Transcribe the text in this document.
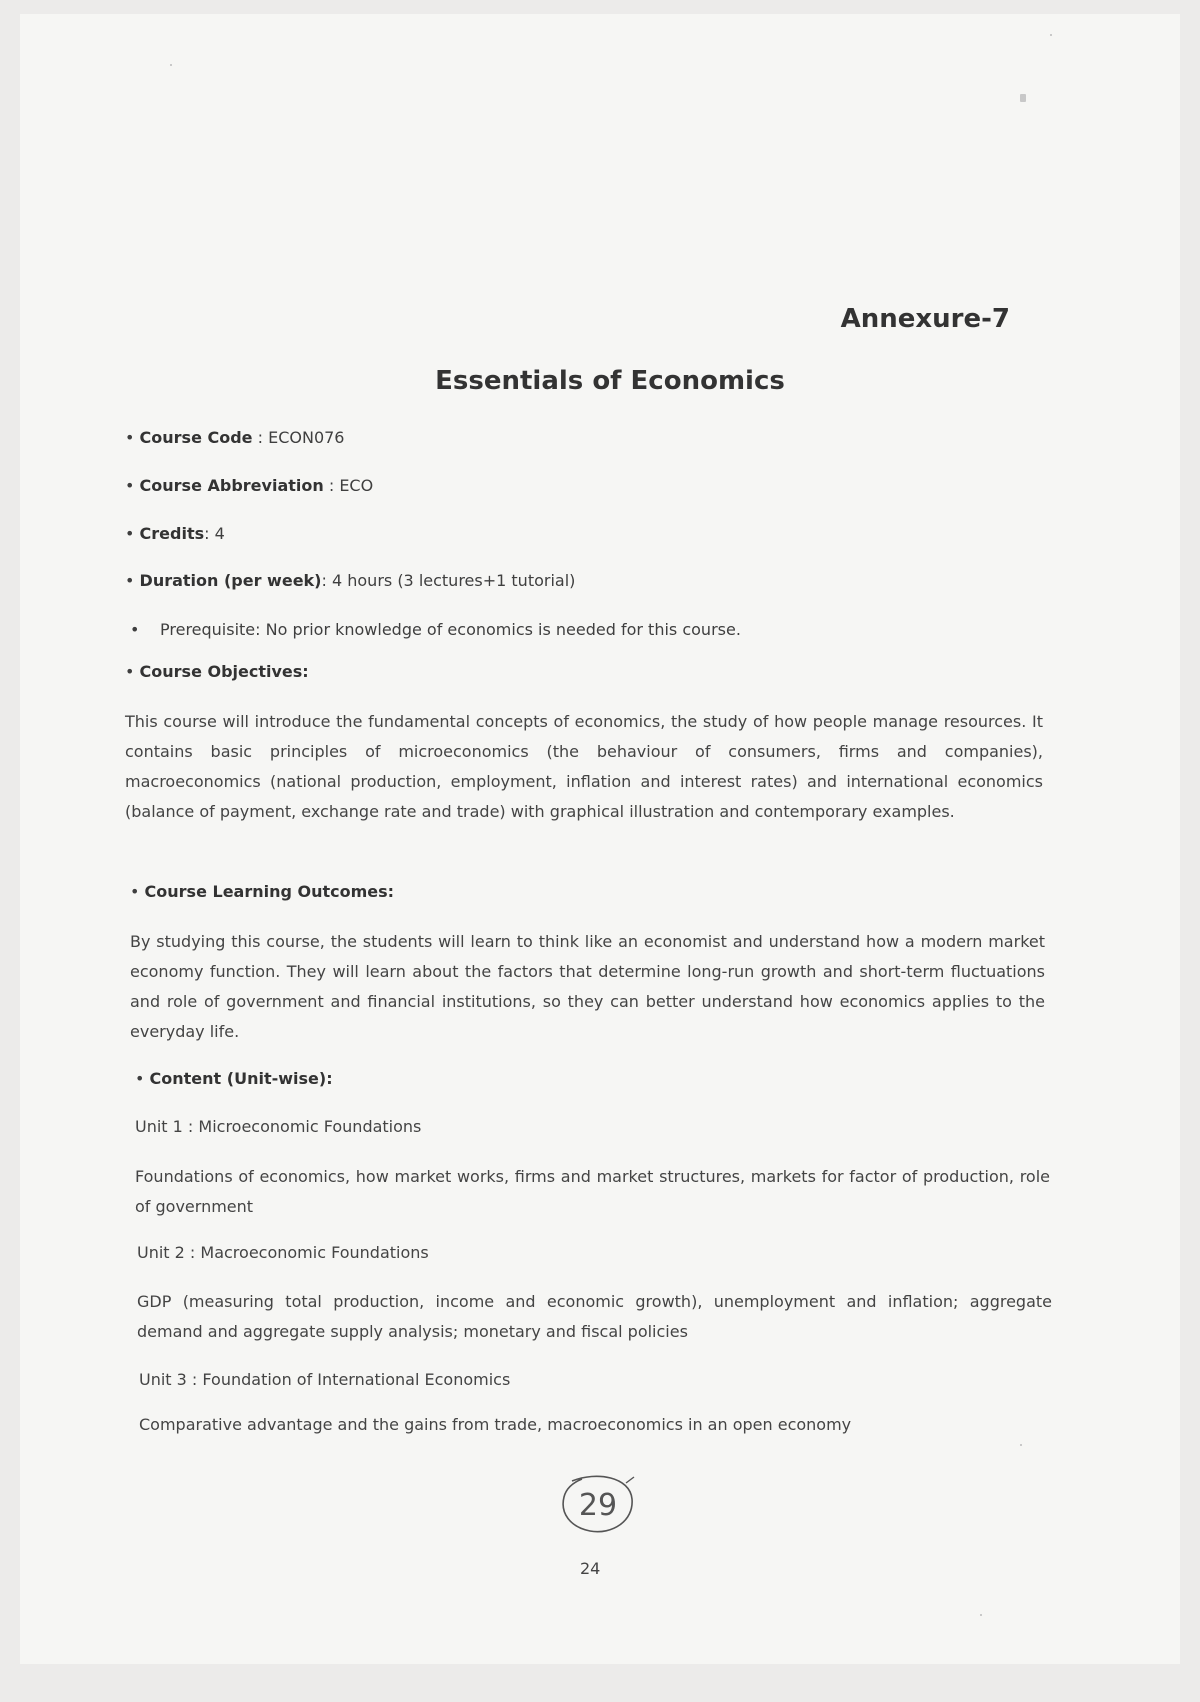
Annexure-7
Essentials of Economics
• Course Code : ECON076
• Course Abbreviation : ECO
• Credits: 4
• Duration (per week): 4 hours (3 lectures+1 tutorial)
• Prerequisite: No prior knowledge of economics is needed for this course.
• Course Objectives:
This course will introduce the fundamental concepts of economics, the study of how people manage resources. It contains basic principles of microeconomics (the behaviour of consumers, firms and companies), macroeconomics (national production, employment, inflation and interest rates) and international economics (balance of payment, exchange rate and trade) with graphical illustration and contemporary examples.
• Course Learning Outcomes:
By studying this course, the students will learn to think like an economist and understand how a modern market economy function. They will learn about the factors that determine long-run growth and short-term fluctuations and role of government and financial institutions, so they can better understand how economics applies to the everyday life.
• Content (Unit-wise):
Unit 1 : Microeconomic Foundations
Foundations of economics, how market works, firms and market structures, markets for factor of production, role of government
Unit 2 : Macroeconomic Foundations
GDP (measuring total production, income and economic growth), unemployment and inflation; aggregate demand and aggregate supply analysis; monetary and fiscal policies
Unit 3 : Foundation of International Economics
Comparative advantage and the gains from trade, macroeconomics in an open economy
29
24
